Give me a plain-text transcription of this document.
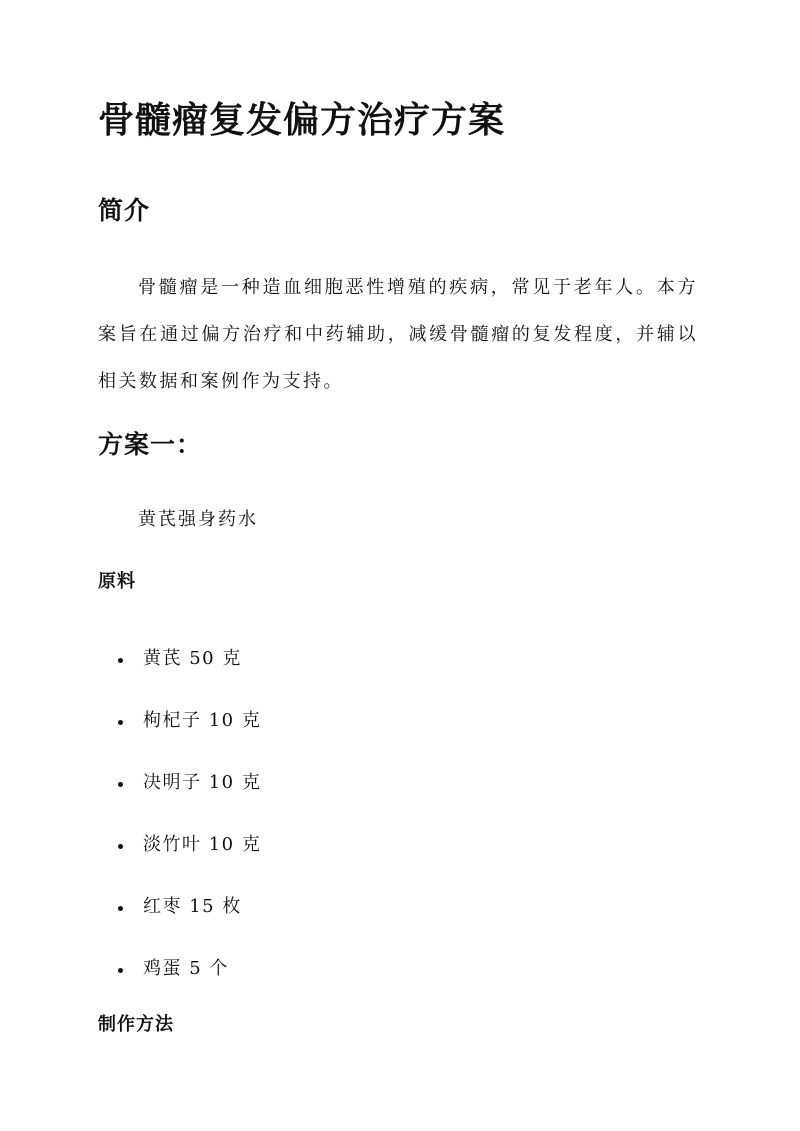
骨髓瘤复发偏方治疗方案
简介

骨髓瘤是一种造血细胞恶性增殖的疾病，常见于老年人。本方案旨在通过偏方治疗和中药辅助，减缓骨髓瘤的复发程度，并辅以相关数据和案例作为支持。

方案一：

黄芪强身药水

原料
黄芪 50 克
枸杞子 10 克
决明子 10 克
淡竹叶 10 克
红枣 15 枚
鸡蛋 5 个
制作方法
